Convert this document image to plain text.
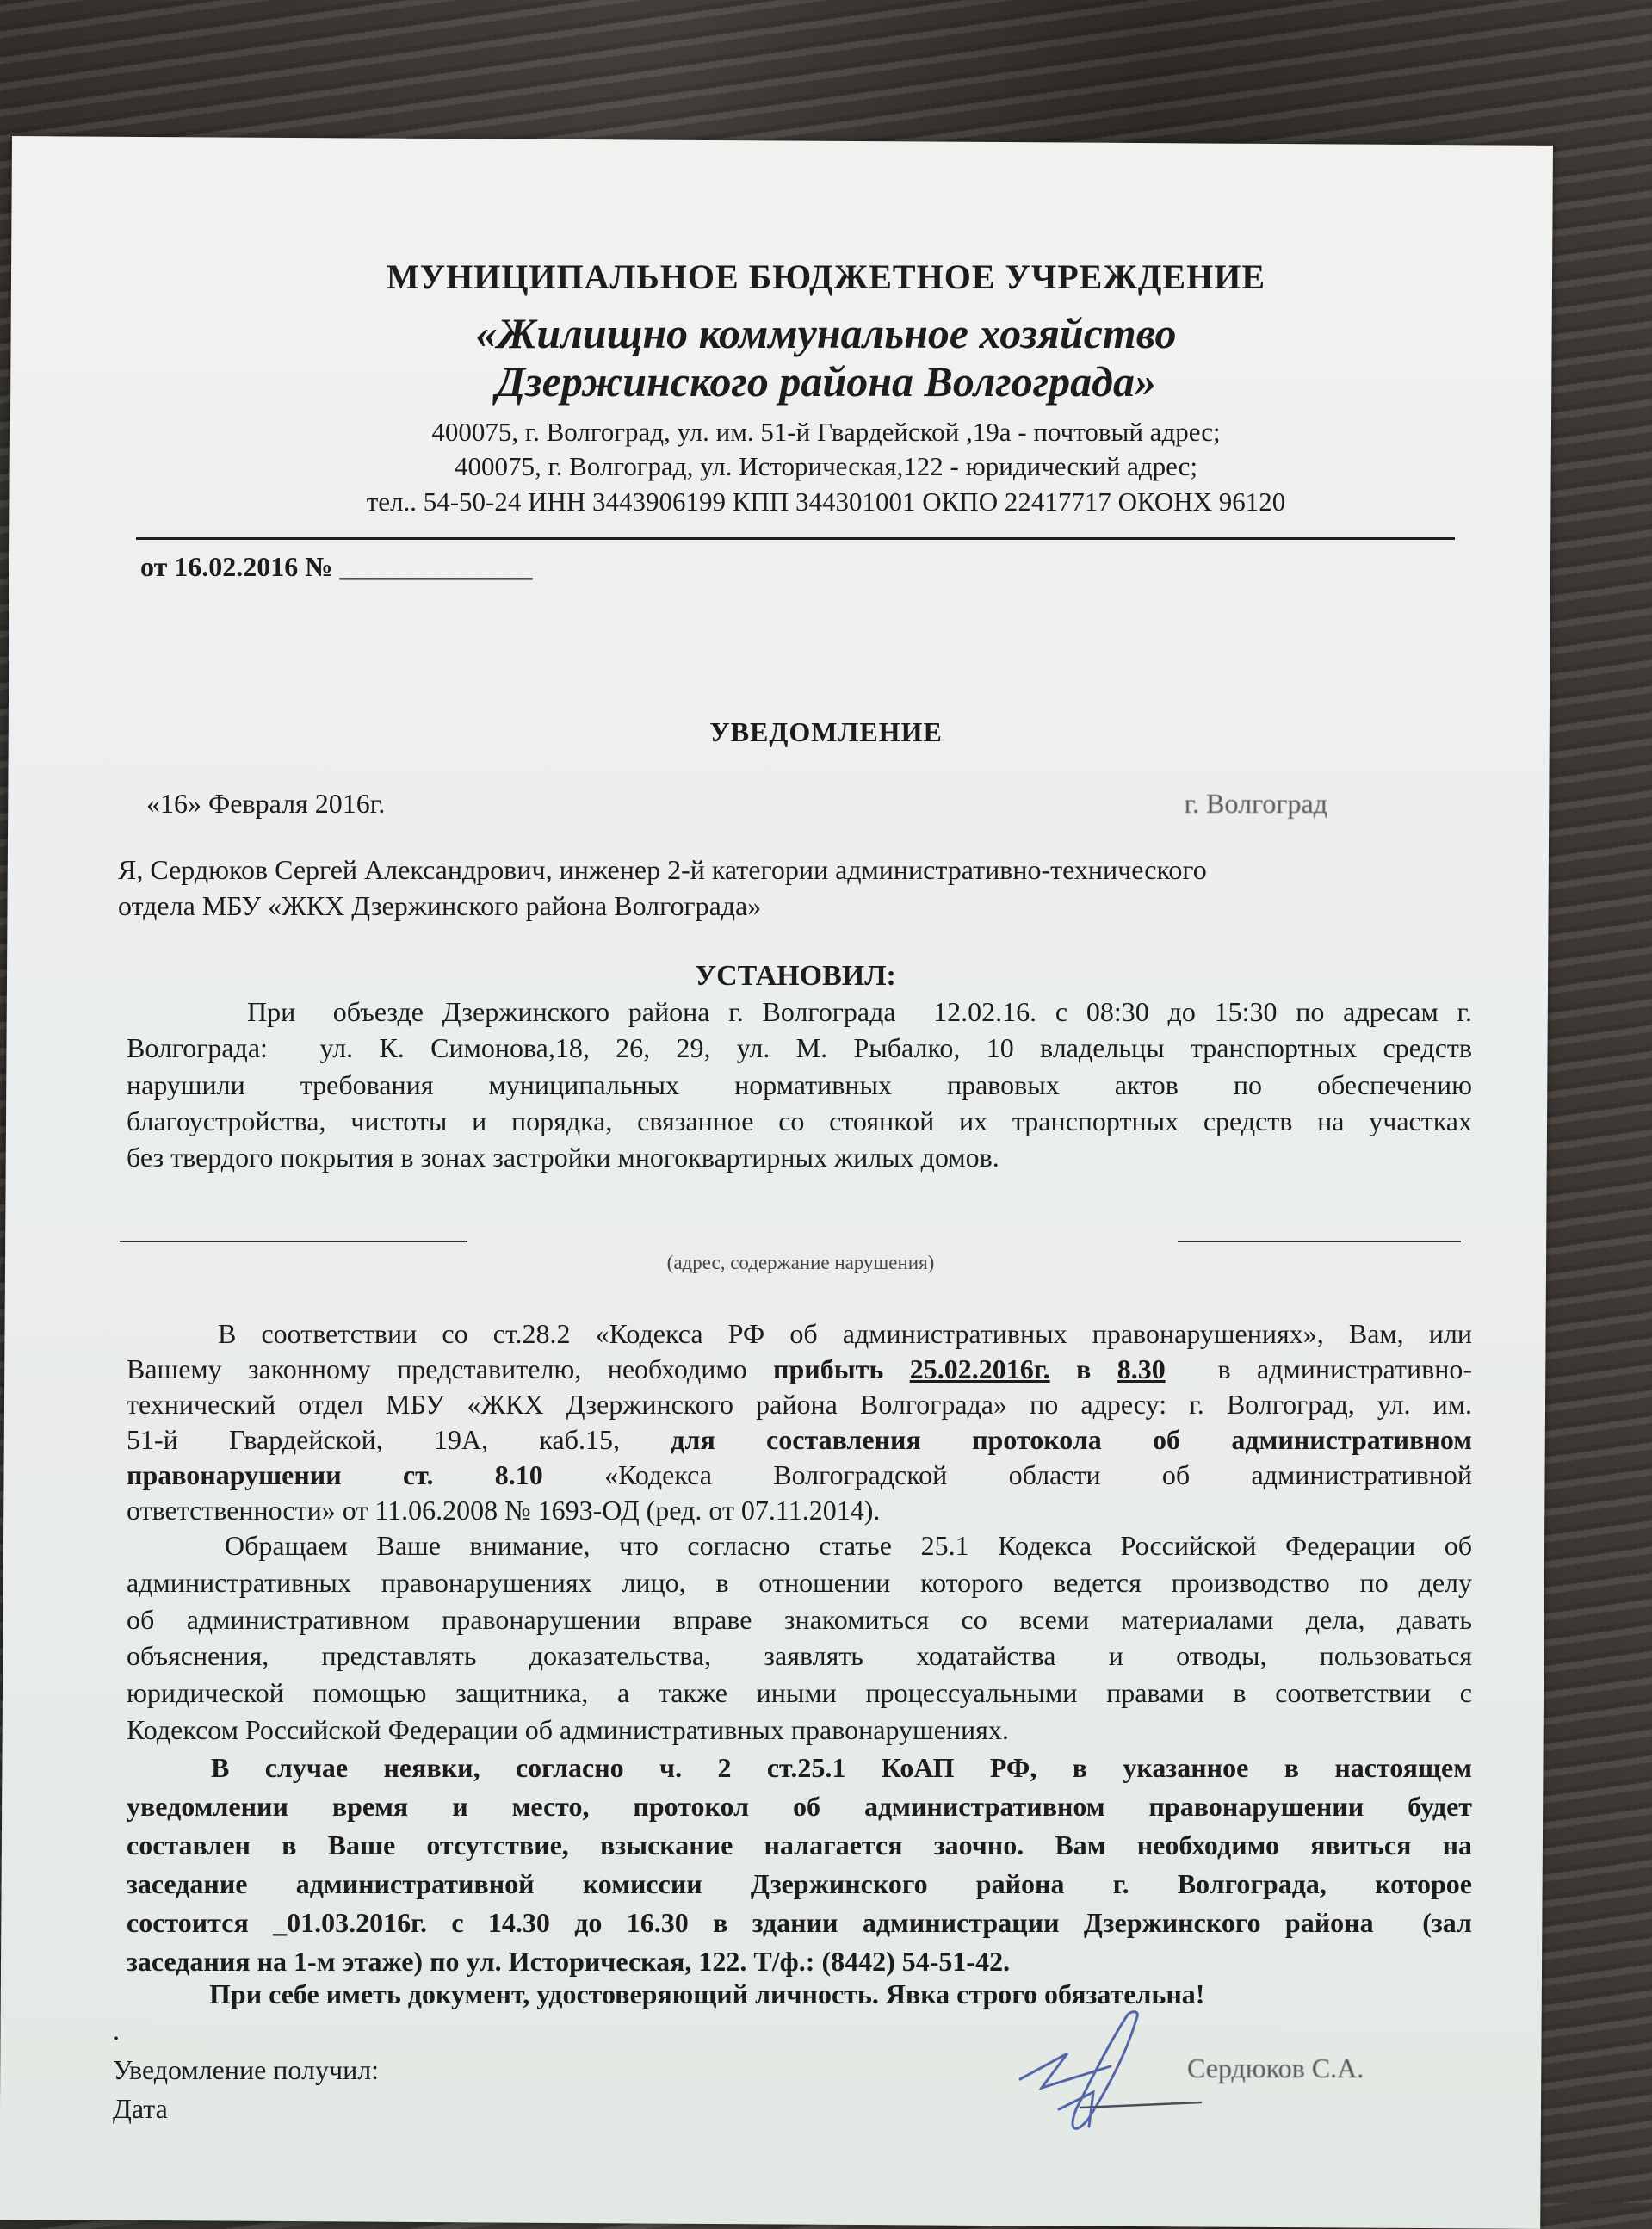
МУНИЦИПАЛЬНОЕ БЮДЖЕТНОЕ УЧРЕЖДЕНИЕ
«Жилищно коммунальное хозяйство
Дзержинского района Волгограда»
400075, г. Волгоград, ул. им. 51-й Гвардейской ,19а - почтовый адрес;
400075, г. Волгоград, ул. Историческая,122 - юридический адрес;
тел.. 54-50-24 ИНН 3443906199 КПП 344301001 ОКПО 22417717 ОКОНХ 96120
от 16.02.2016 № ______________
УВЕДОМЛЕНИЕ
«16» Февраля 2016г.	г. Волгоград
Я, Сердюков Сергей Александрович, инженер 2-й категории административно-технического
отдела МБУ «ЖКХ Дзержинского района Волгограда»
УСТАНОВИЛ:
При  объезде Дзержинского района г. Волгограда  12.02.16. с 08:30 до 15:30 по адресам г.
Волгограда:  ул. К. Симонова,18, 26, 29, ул. М. Рыбалко, 10 владельцы транспортных средств
нарушили требования муниципальных нормативных правовых актов по обеспечению
благоустройства, чистоты и порядка, связанное со стоянкой их транспортных средств на участках
без твердого покрытия в зонах застройки многоквартирных жилых домов.
(адрес, содержание нарушения)
В соответствии со ст.28.2 «Кодекса РФ об административных правонарушениях», Вам, или
Вашему законному представителю, необходимо прибыть 25.02.2016г. в 8.30  в административно-
технический отдел МБУ «ЖКХ Дзержинского района Волгограда» по адресу: г. Волгоград, ул. им.
51-й Гвардейской, 19А, каб.15, для составления протокола об административном
правонарушении ст. 8.10 «Кодекса Волгоградской области об административной
ответственности» от 11.06.2008 № 1693-ОД (ред. от 07.11.2014).
Обращаем Ваше внимание, что согласно статье 25.1 Кодекса Российской Федерации об
административных правонарушениях лицо, в отношении которого ведется производство по делу
об административном правонарушении вправе знакомиться со всеми материалами дела, давать
объяснения, представлять доказательства, заявлять ходатайства и отводы, пользоваться
юридической помощью защитника, а также иными процессуальными правами в соответствии с
Кодексом Российской Федерации об административных правонарушениях.
В случае неявки, согласно ч. 2 ст.25.1 КоАП РФ, в указанное в настоящем
уведомлении время и место, протокол об административном правонарушении будет
составлен в Ваше отсутствие, взыскание налагается заочно. Вам необходимо явиться на
заседание административной комиссии Дзержинского района г. Волгограда, которое
состоится _01.03.2016г. с 14.30 до 16.30 в здании администрации Дзержинского района  (зал
заседания на 1-м этаже) по ул. Историческая, 122. Т/ф.: (8442) 54-51-42.
При себе иметь документ, удостоверяющий личность. Явка строго обязательна!
.
Уведомление получил:
Дата
Сердюков С.А.
